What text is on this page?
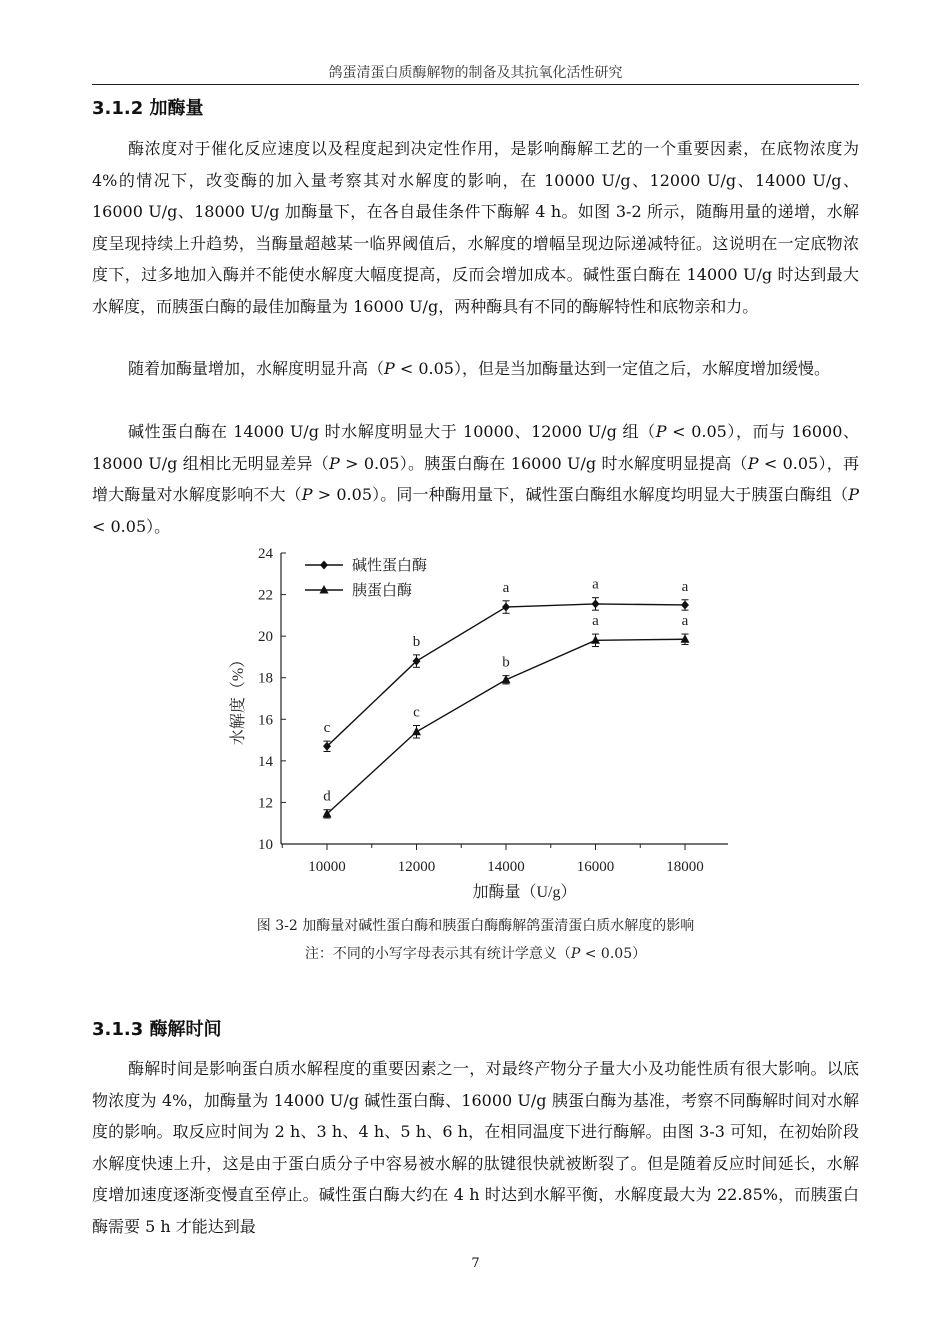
鸽蛋清蛋白质酶解物的制备及其抗氧化活性研究
3.1.2 加酶量

酶浓度对于催化反应速度以及程度起到决定性作用，是影响酶解工艺的一个重要因素，在底物浓度为 4%的情况下，改变酶的加入量考察其对水解度的影响，在 10000 U/g、12000 U/g、14000 U/g、16000 U/g、18000 U/g 加酶量下，在各自最佳条件下酶解 4 h。如图 3-2 所示，随酶用量的递增，水解度呈现持续上升趋势，当酶量超越某一临界阈值后，水解度的增幅呈现边际递减特征。这说明在一定底物浓度下，过多地加入酶并不能使水解度大幅度提高，反而会增加成本。碱性蛋白酶在 14000 U/g 时达到最大水解度，而胰蛋白酶的最佳加酶量为 16000 U/g，两种酶具有不同的酶解特性和底物亲和力。

随着加酶量增加，水解度明显升高（P < 0.05），但是当加酶量达到一定值之后，水解度增加缓慢。

碱性蛋白酶在 14000 U/g 时水解度明显大于 10000、12000 U/g 组（P < 0.05），而与 16000、18000 U/g 组相比无明显差异（P > 0.05）。胰蛋白酶在 16000 U/g 时水解度明显提高（P < 0.05），再增大酶量对水解度影响不大（P > 0.05）。同一种酶用量下，碱性蛋白酶组水解度均明显大于胰蛋白酶组（P < 0.05）。

10
12
14
16
18
20
22
24
10000	12000	14000	16000	18000
加酶量（U/g）
水解度（%）	c
b
a	a	a
碱性蛋白酶
d
c
b
a	a
胰蛋白酶
图 3-2 加酶量对碱性蛋白酶和胰蛋白酶酶解鸽蛋清蛋白质水解度的影响
注：不同的小写字母表示其有统计学意义（P < 0.05）
3.1.3 酶解时间

酶解时间是影响蛋白质水解程度的重要因素之一，对最终产物分子量大小及功能性质有很大影响。以底物浓度为 4%，加酶量为 14000 U/g 碱性蛋白酶、16000 U/g 胰蛋白酶为基准，考察不同酶解时间对水解度的影响。取反应时间为 2 h、3 h、4 h、5 h、6 h，在相同温度下进行酶解。由图 3-3 可知，在初始阶段水解度快速上升，这是由于蛋白质分子中容易被水解的肽键很快就被断裂了。但是随着反应时间延长，水解度增加速度逐渐变慢直至停止。碱性蛋白酶大约在 4 h 时达到水解平衡，水解度最大为 22.85%，而胰蛋白酶需要 5 h 才能达到最

7
